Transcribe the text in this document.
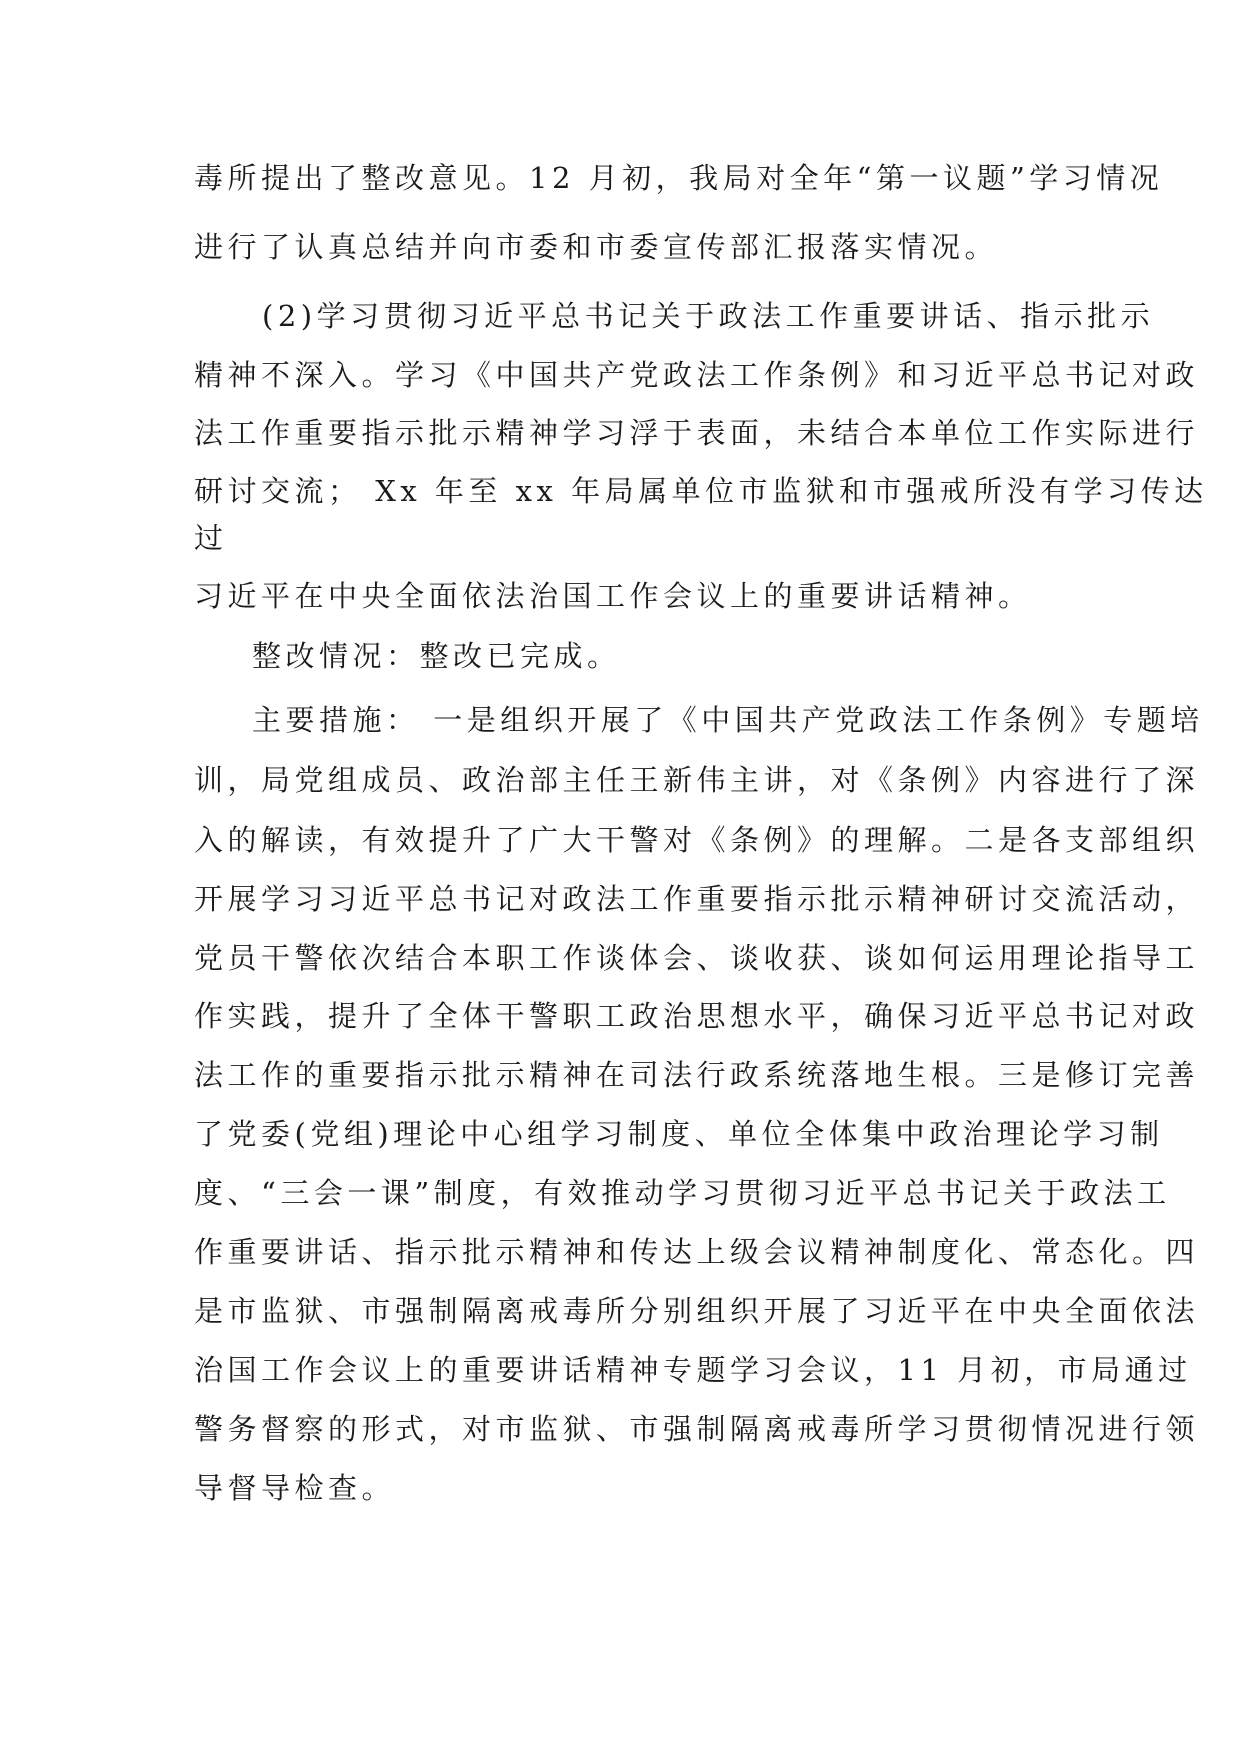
毒所提出了整改意见。12 月初，我局对全年“第一议题”学习情况
进行了认真总结并向市委和市委宣传部汇报落实情况。
(2)学习贯彻习近平总书记关于政法工作重要讲话、指示批示
精神不深入。学习《中国共产党政法工作条例》和习近平总书记对政
法工作重要指示批示精神学习浮于表面，未结合本单位工作实际进行
研讨交流； Xx 年至 xx 年局属单位市监狱和市强戒所没有学习传达
过
习近平在中央全面依法治国工作会议上的重要讲话精神。
整改情况：整改已完成。
主要措施： 一是组织开展了《中国共产党政法工作条例》专题培
训，局党组成员、政治部主任王新伟主讲，对《条例》内容进行了深
入的解读，有效提升了广大干警对《条例》的理解。二是各支部组织
开展学习习近平总书记对政法工作重要指示批示精神研讨交流活动，
党员干警依次结合本职工作谈体会、谈收获、谈如何运用理论指导工
作实践，提升了全体干警职工政治思想水平，确保习近平总书记对政
法工作的重要指示批示精神在司法行政系统落地生根。三是修订完善
了党委(党组)理论中心组学习制度、单位全体集中政治理论学习制
度、“三会一课”制度，有效推动学习贯彻习近平总书记关于政法工
作重要讲话、指示批示精神和传达上级会议精神制度化、常态化。四
是市监狱、市强制隔离戒毒所分别组织开展了习近平在中央全面依法
治国工作会议上的重要讲话精神专题学习会议，11 月初，市局通过
警务督察的形式，对市监狱、市强制隔离戒毒所学习贯彻情况进行领
导督导检查。
